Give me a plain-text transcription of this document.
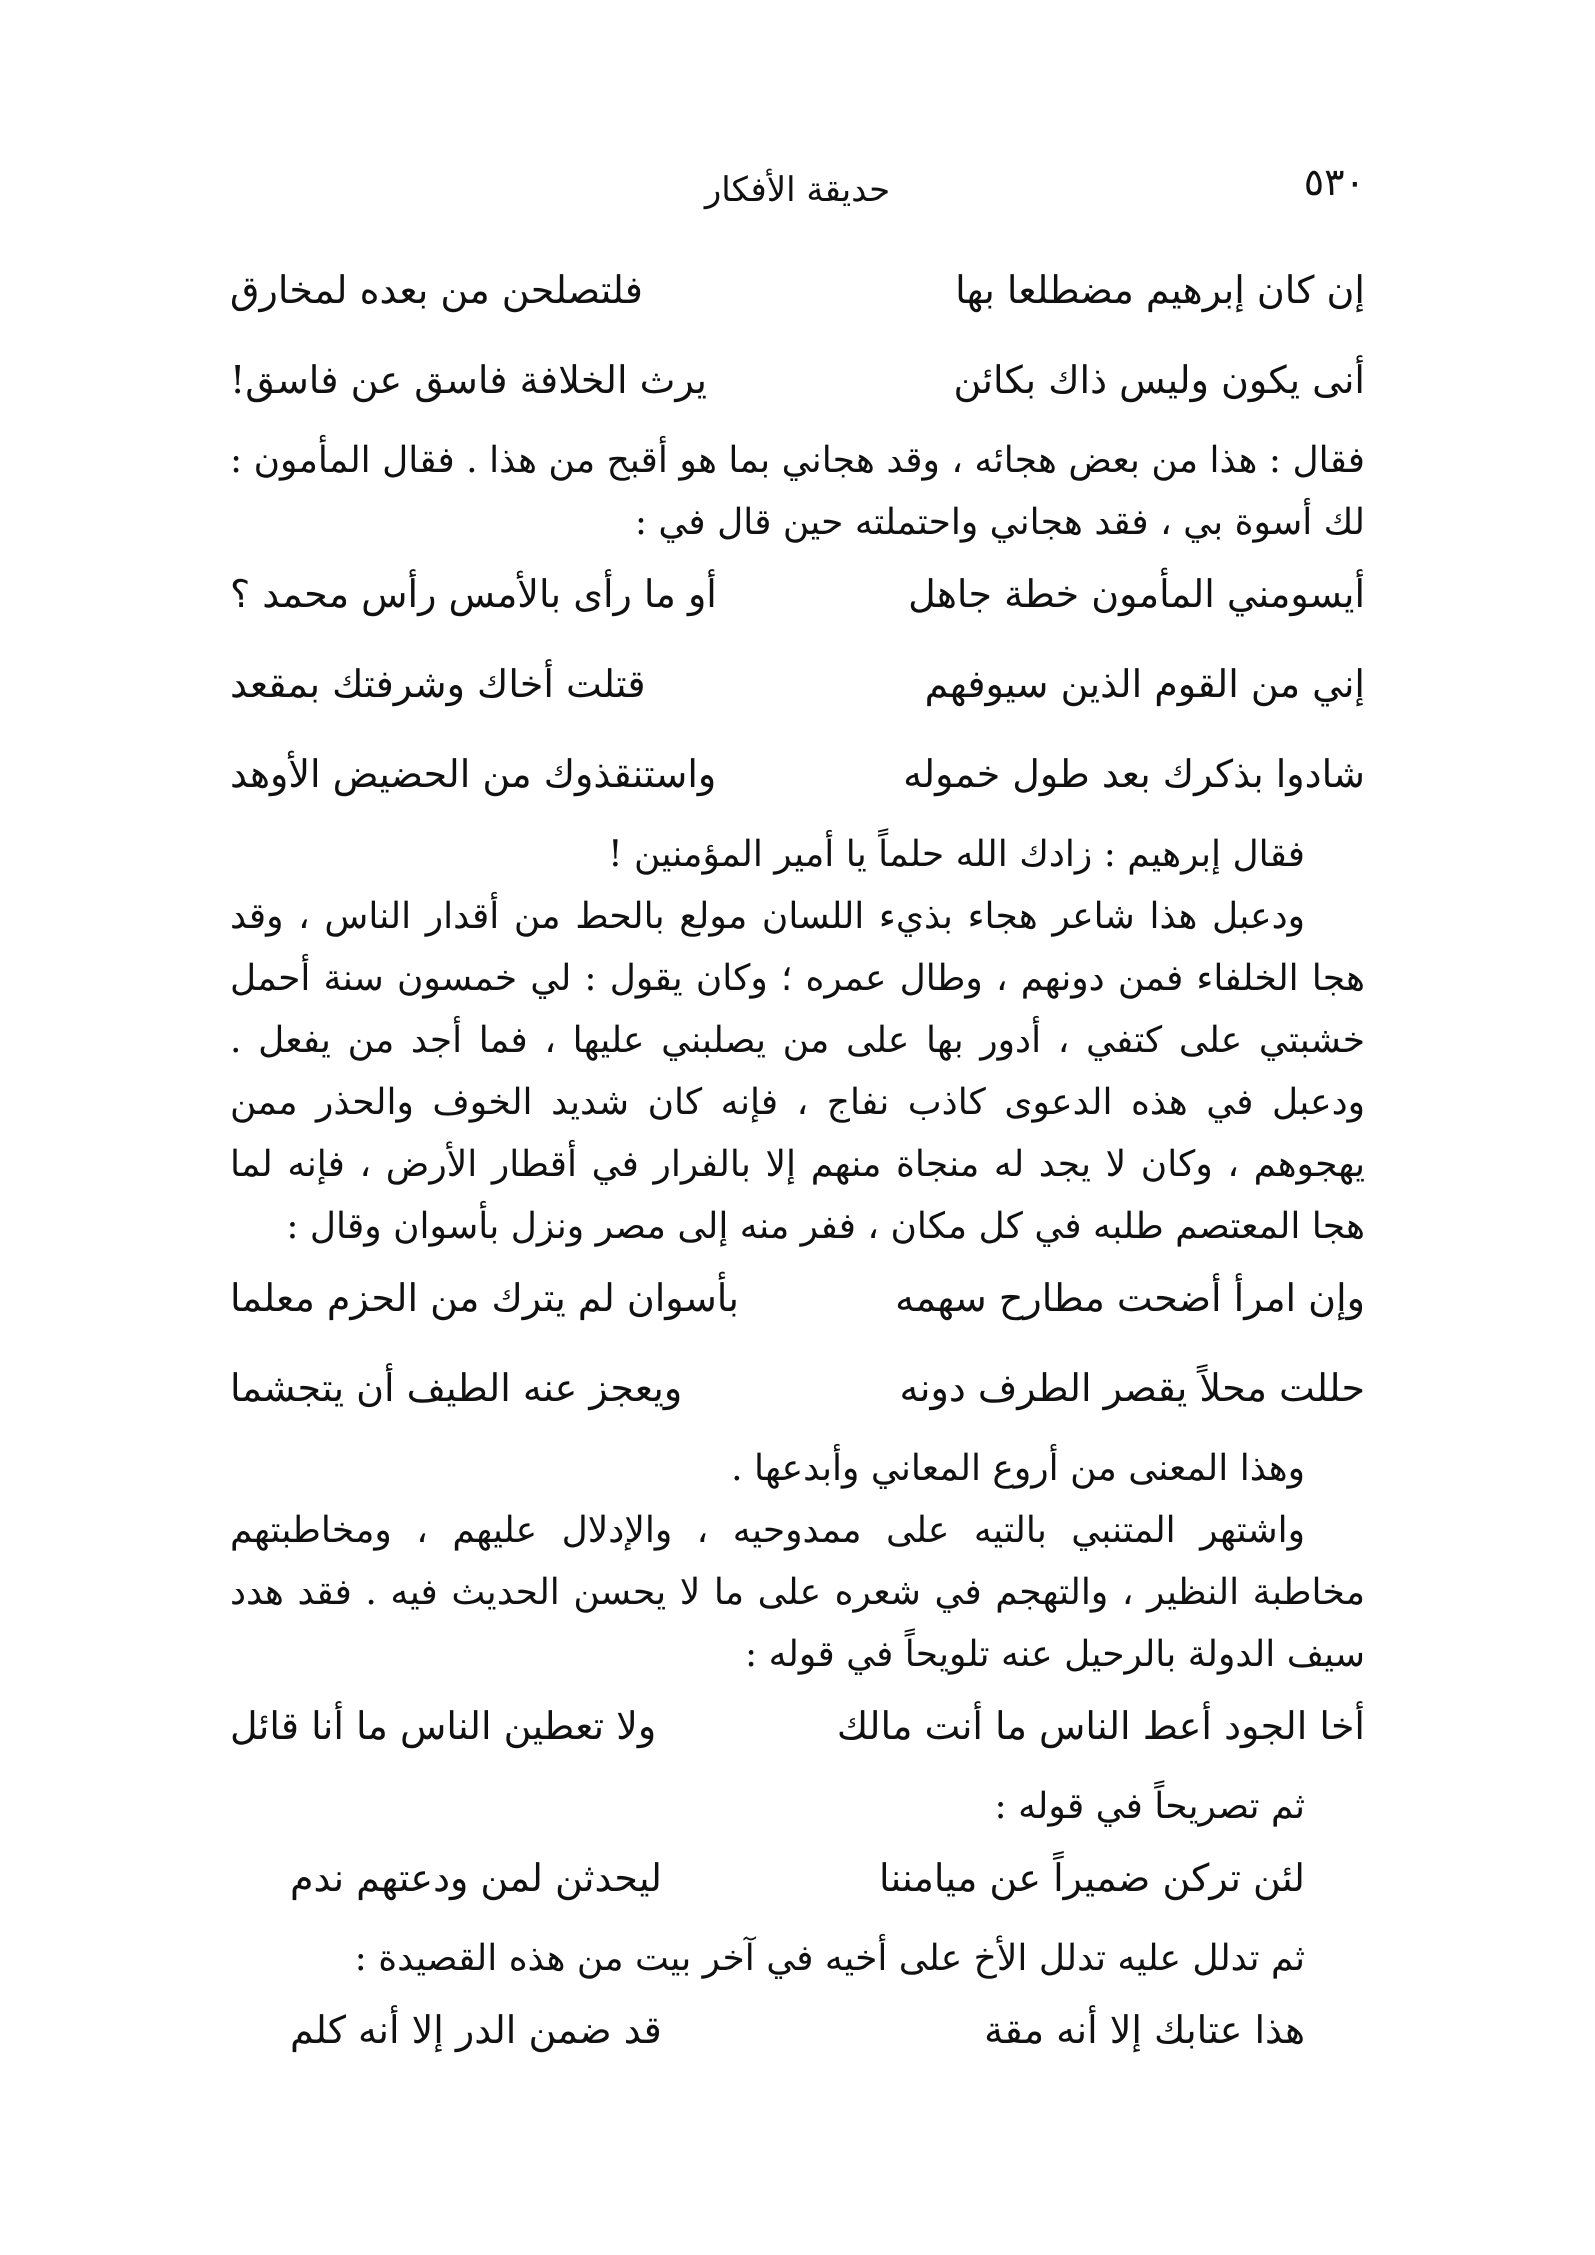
٥٣٠
حديقة الأفكار
إن كان إبرهيم مضطلعا بها
فلتصلحن من بعده لمخارق
أنى يكون وليس ذاك بكائن
يرث الخلافة فاسق عن فاسق!

فقال : هذا من بعض هجائه ، وقد هجاني بما هو أقبح من هذا . فقال المأمون : لك أسوة بي ، فقد هجاني واحتملته حين قال في :

أيسومني المأمون خطة جاهل
أو ما رأى بالأمس رأس محمد ؟
إني من القوم الذين سيوفهم
قتلت أخاك وشرفتك بمقعد
شادوا بذكرك بعد طول خموله
واستنقذوك من الحضيض الأوهد

فقال إبرهيم : زادك الله حلماً يا أمير المؤمنين !

ودعبل هذا شاعر هجاء بذيء اللسان مولع بالحط من أقدار الناس ، وقد هجا الخلفاء فمن دونهم ، وطال عمره ؛ وكان يقول : لي خمسون سنة أحمل خشبتي على كتفي ، أدور بها على من يصلبني عليها ، فما أجد من يفعل . ودعبل في هذه الدعوى كاذب نفاج ، فإنه كان شديد الخوف والحذر ممن يهجوهم ، وكان لا يجد له منجاة منهم إلا بالفرار في أقطار الأرض ، فإنه لما هجا المعتصم طلبه في كل مكان ، ففر منه إلى مصر ونزل بأسوان وقال :

وإن امرأ أضحت مطارح سهمه
بأسوان لم يترك من الحزم معلما
حللت محلاً يقصر الطرف دونه
ويعجز عنه الطيف أن يتجشما

وهذا المعنى من أروع المعاني وأبدعها .

واشتهر المتنبي بالتيه على ممدوحيه ، والإدلال عليهم ، ومخاطبتهم مخاطبة النظير ، والتهجم في شعره على ما لا يحسن الحديث فيه . فقد هدد سيف الدولة بالرحيل عنه تلويحاً في قوله :

أخا الجود أعط الناس ما أنت مالك
ولا تعطين الناس ما أنا قائل

ثم تصريحاً في قوله :

لئن تركن ضميراً عن ميامننا
ليحدثن لمن ودعتهم ندم

ثم تدلل عليه تدلل الأخ على أخيه في آخر بيت من هذه القصيدة :

هذا عتابك إلا أنه مقة
قد ضمن الدر إلا أنه كلم
